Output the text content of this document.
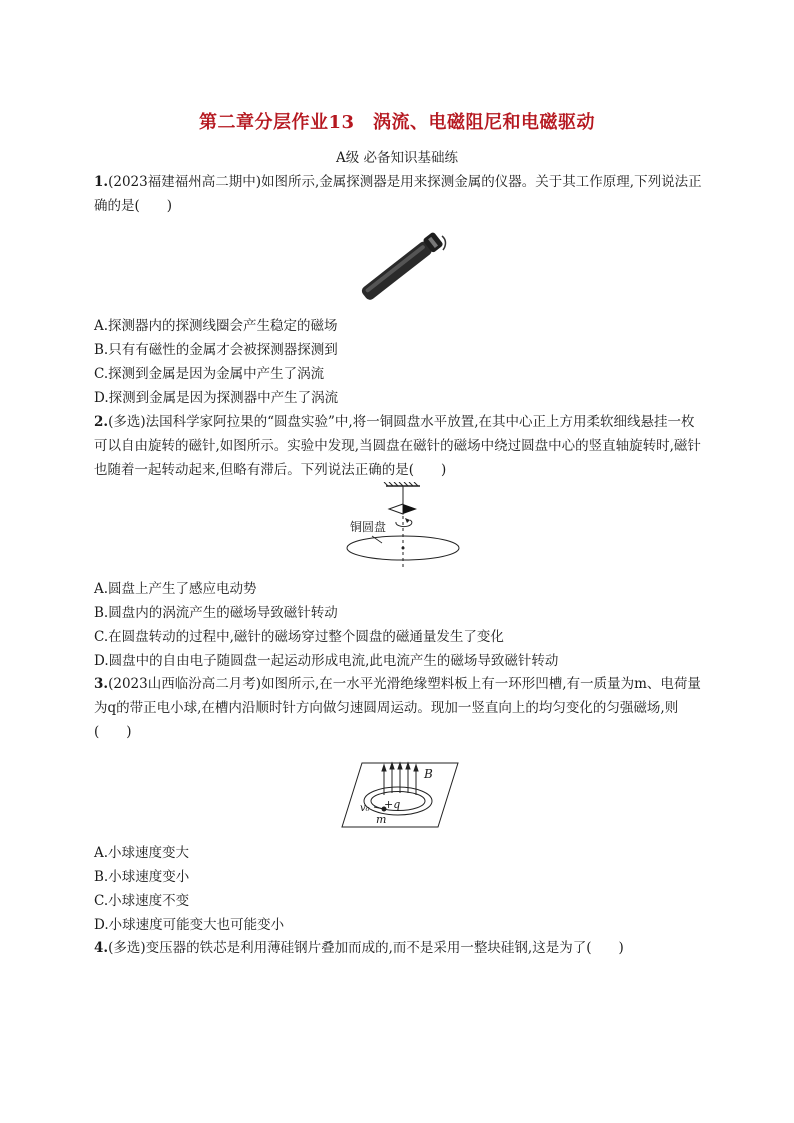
第二章分层作业13　涡流、电磁阻尼和电磁驱动
A级 必备知识基础练
1.(2023福建福州高二期中)如图所示,金属探测器是用来探测金属的仪器。关于其工作原理,下列说法正确的是(　　)
A.探测器内的探测线圈会产生稳定的磁场
B.只有有磁性的金属才会被探测器探测到
C.探测到金属是因为金属中产生了涡流
D.探测到金属是因为探测器中产生了涡流
2.(多选)法国科学家阿拉果的“圆盘实验”中,将一铜圆盘水平放置,在其中心正上方用柔软细线悬挂一枚可以自由旋转的磁针,如图所示。实验中发现,当圆盘在磁针的磁场中绕过圆盘中心的竖直轴旋转时,磁针也随着一起转动起来,但略有滞后。下列说法正确的是(　　)
铜圆盘
A.圆盘上产生了感应电动势
B.圆盘内的涡流产生的磁场导致磁针转动
C.在圆盘转动的过程中,磁针的磁场穿过整个圆盘的磁通量发生了变化
D.圆盘中的自由电子随圆盘一起运动形成电流,此电流产生的磁场导致磁针转动
3.(2023山西临汾高二月考)如图所示,在一水平光滑绝缘塑料板上有一环形凹槽,有一质量为m、电荷量为q的带正电小球,在槽内沿顺时针方向做匀速圆周运动。现加一竖直向上的均匀变化的匀强磁场,则(　　)
B
v₀ +q
m
A.小球速度变大
B.小球速度变小
C.小球速度不变
D.小球速度可能变大也可能变小
4.(多选)变压器的铁芯是利用薄硅钢片叠加而成的,而不是采用一整块硅钢,这是为了(　　)
